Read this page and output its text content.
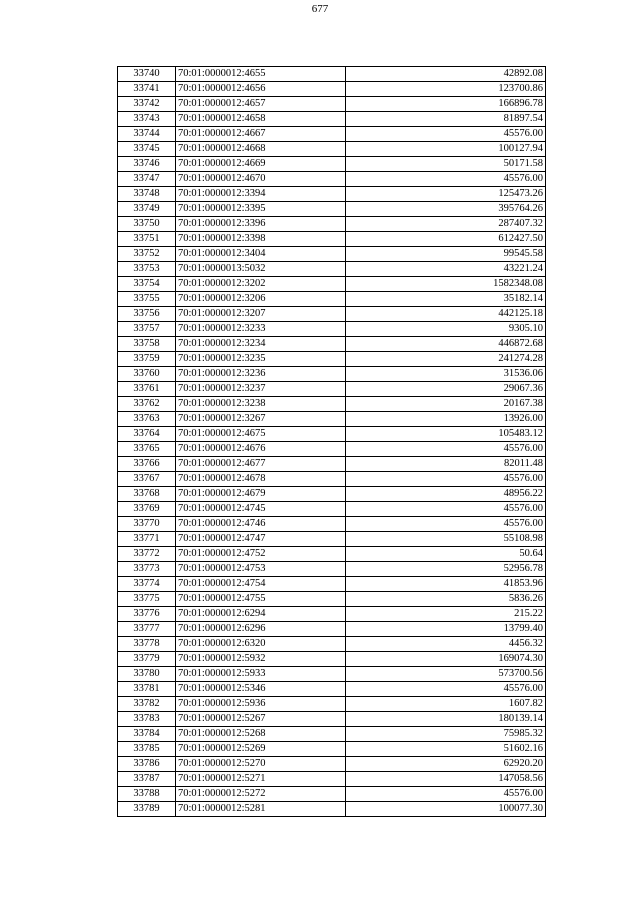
677
33740	70:01:0000012:4655	42892.08
33741	70:01:0000012:4656	123700.86
33742	70:01:0000012:4657	166896.78
33743	70:01:0000012:4658	81897.54
33744	70:01:0000012:4667	45576.00
33745	70:01:0000012:4668	100127.94
33746	70:01:0000012:4669	50171.58
33747	70:01:0000012:4670	45576.00
33748	70:01:0000012:3394	125473.26
33749	70:01:0000012:3395	395764.26
33750	70:01:0000012:3396	287407.32
33751	70:01:0000012:3398	612427.50
33752	70:01:0000012:3404	99545.58
33753	70:01:0000013:5032	43221.24
33754	70:01:0000012:3202	1582348.08
33755	70:01:0000012:3206	35182.14
33756	70:01:0000012:3207	442125.18
33757	70:01:0000012:3233	9305.10
33758	70:01:0000012:3234	446872.68
33759	70:01:0000012:3235	241274.28
33760	70:01:0000012:3236	31536.06
33761	70:01:0000012:3237	29067.36
33762	70:01:0000012:3238	20167.38
33763	70:01:0000012:3267	13926.00
33764	70:01:0000012:4675	105483.12
33765	70:01:0000012:4676	45576.00
33766	70:01:0000012:4677	82011.48
33767	70:01:0000012:4678	45576.00
33768	70:01:0000012:4679	48956.22
33769	70:01:0000012:4745	45576.00
33770	70:01:0000012:4746	45576.00
33771	70:01:0000012:4747	55108.98
33772	70:01:0000012:4752	50.64
33773	70:01:0000012:4753	52956.78
33774	70:01:0000012:4754	41853.96
33775	70:01:0000012:4755	5836.26
33776	70:01:0000012:6294	215.22
33777	70:01:0000012:6296	13799.40
33778	70:01:0000012:6320	4456.32
33779	70:01:0000012:5932	169074.30
33780	70:01:0000012:5933	573700.56
33781	70:01:0000012:5346	45576.00
33782	70:01:0000012:5936	1607.82
33783	70:01:0000012:5267	180139.14
33784	70:01:0000012:5268	75985.32
33785	70:01:0000012:5269	51602.16
33786	70:01:0000012:5270	62920.20
33787	70:01:0000012:5271	147058.56
33788	70:01:0000012:5272	45576.00
33789	70:01:0000012:5281	100077.30
